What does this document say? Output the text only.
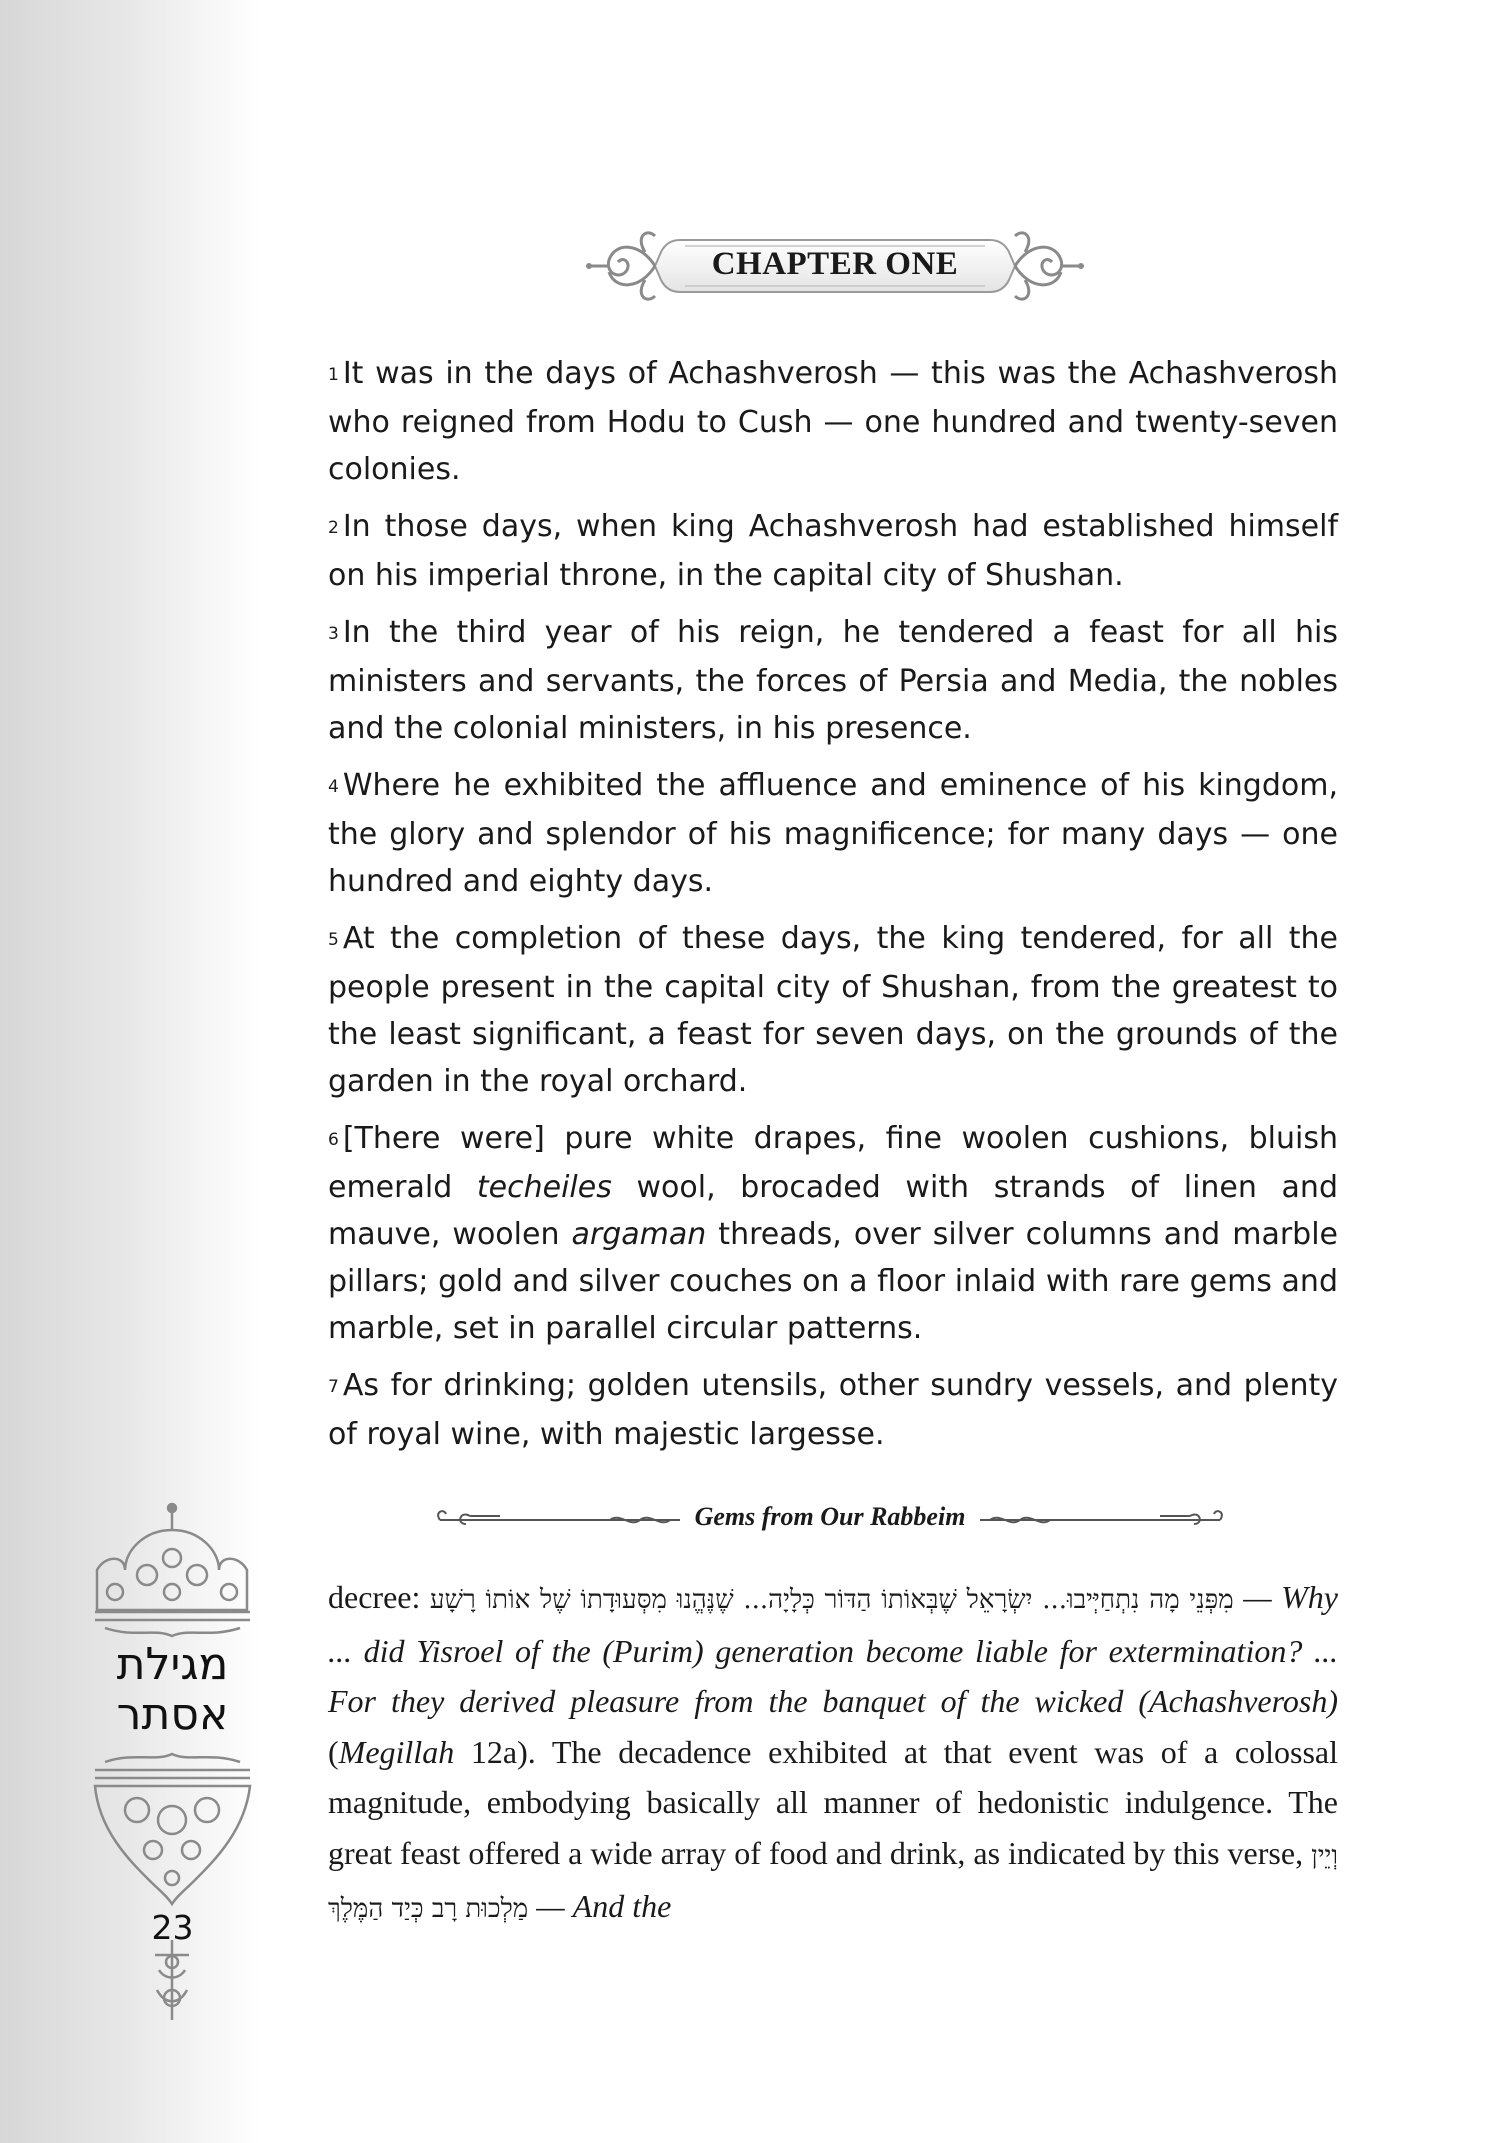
CHAPTER ONE

1 It was in the days of Achashverosh — this was the Achashverosh who reigned from Hodu to Cush — one hundred and twenty-seven colonies.

2 In those days, when king Achashverosh had established himself on his imperial throne, in the capital city of Shushan.

3 In the third year of his reign, he tendered a feast for all his ministers and servants, the forces of Persia and Media, the nobles and the colonial ministers, in his presence.

4 Where he exhibited the affluence and eminence of his kingdom, the glory and splendor of his magnificence; for many days — one hundred and eighty days.

5 At the completion of these days, the king tendered, for all the people present in the capital city of Shushan, from the greatest to the least significant, a feast for seven days, on the grounds of the garden in the royal orchard.

6 [There were] pure white drapes, fine woolen cushions, bluish emerald techeiles wool, brocaded with strands of linen and mauve, woolen argaman threads, over silver columns and marble pillars; gold and silver couches on a floor inlaid with rare gems and marble, set in parallel circular patterns.

7 As for drinking; golden utensils, other sundry vessels, and plenty of royal wine, with majestic largesse.

Gems from Our Rabbeim
decree: מִפְּנֵי מָה נִתְחַיְּיבוּ... יִשְׂרָאֵל שֶׁבְּאוֹתוֹ הַדּוֹר כְּלָיָה... שֶׁנֶּהֱנוּ מִסְּעוּדָתוֹ שֶׁל אוֹתוֹ רָשָׁע — Why ... did Yisroel of the (Purim) generation become liable for extermination? ... For they derived pleasure from the banquet of the wicked (Achashverosh) (Megillah 12a). The decadence exhibited at that event was of a colossal magnitude, embodying basically all manner of hedonistic indulgence. The great feast offered a wide array of food and drink, as indicated by this verse, וְיֵין מַלְכוּת רָב כְּיַד הַמֶּלֶךְ — And the
מגילת
אסתר
23
